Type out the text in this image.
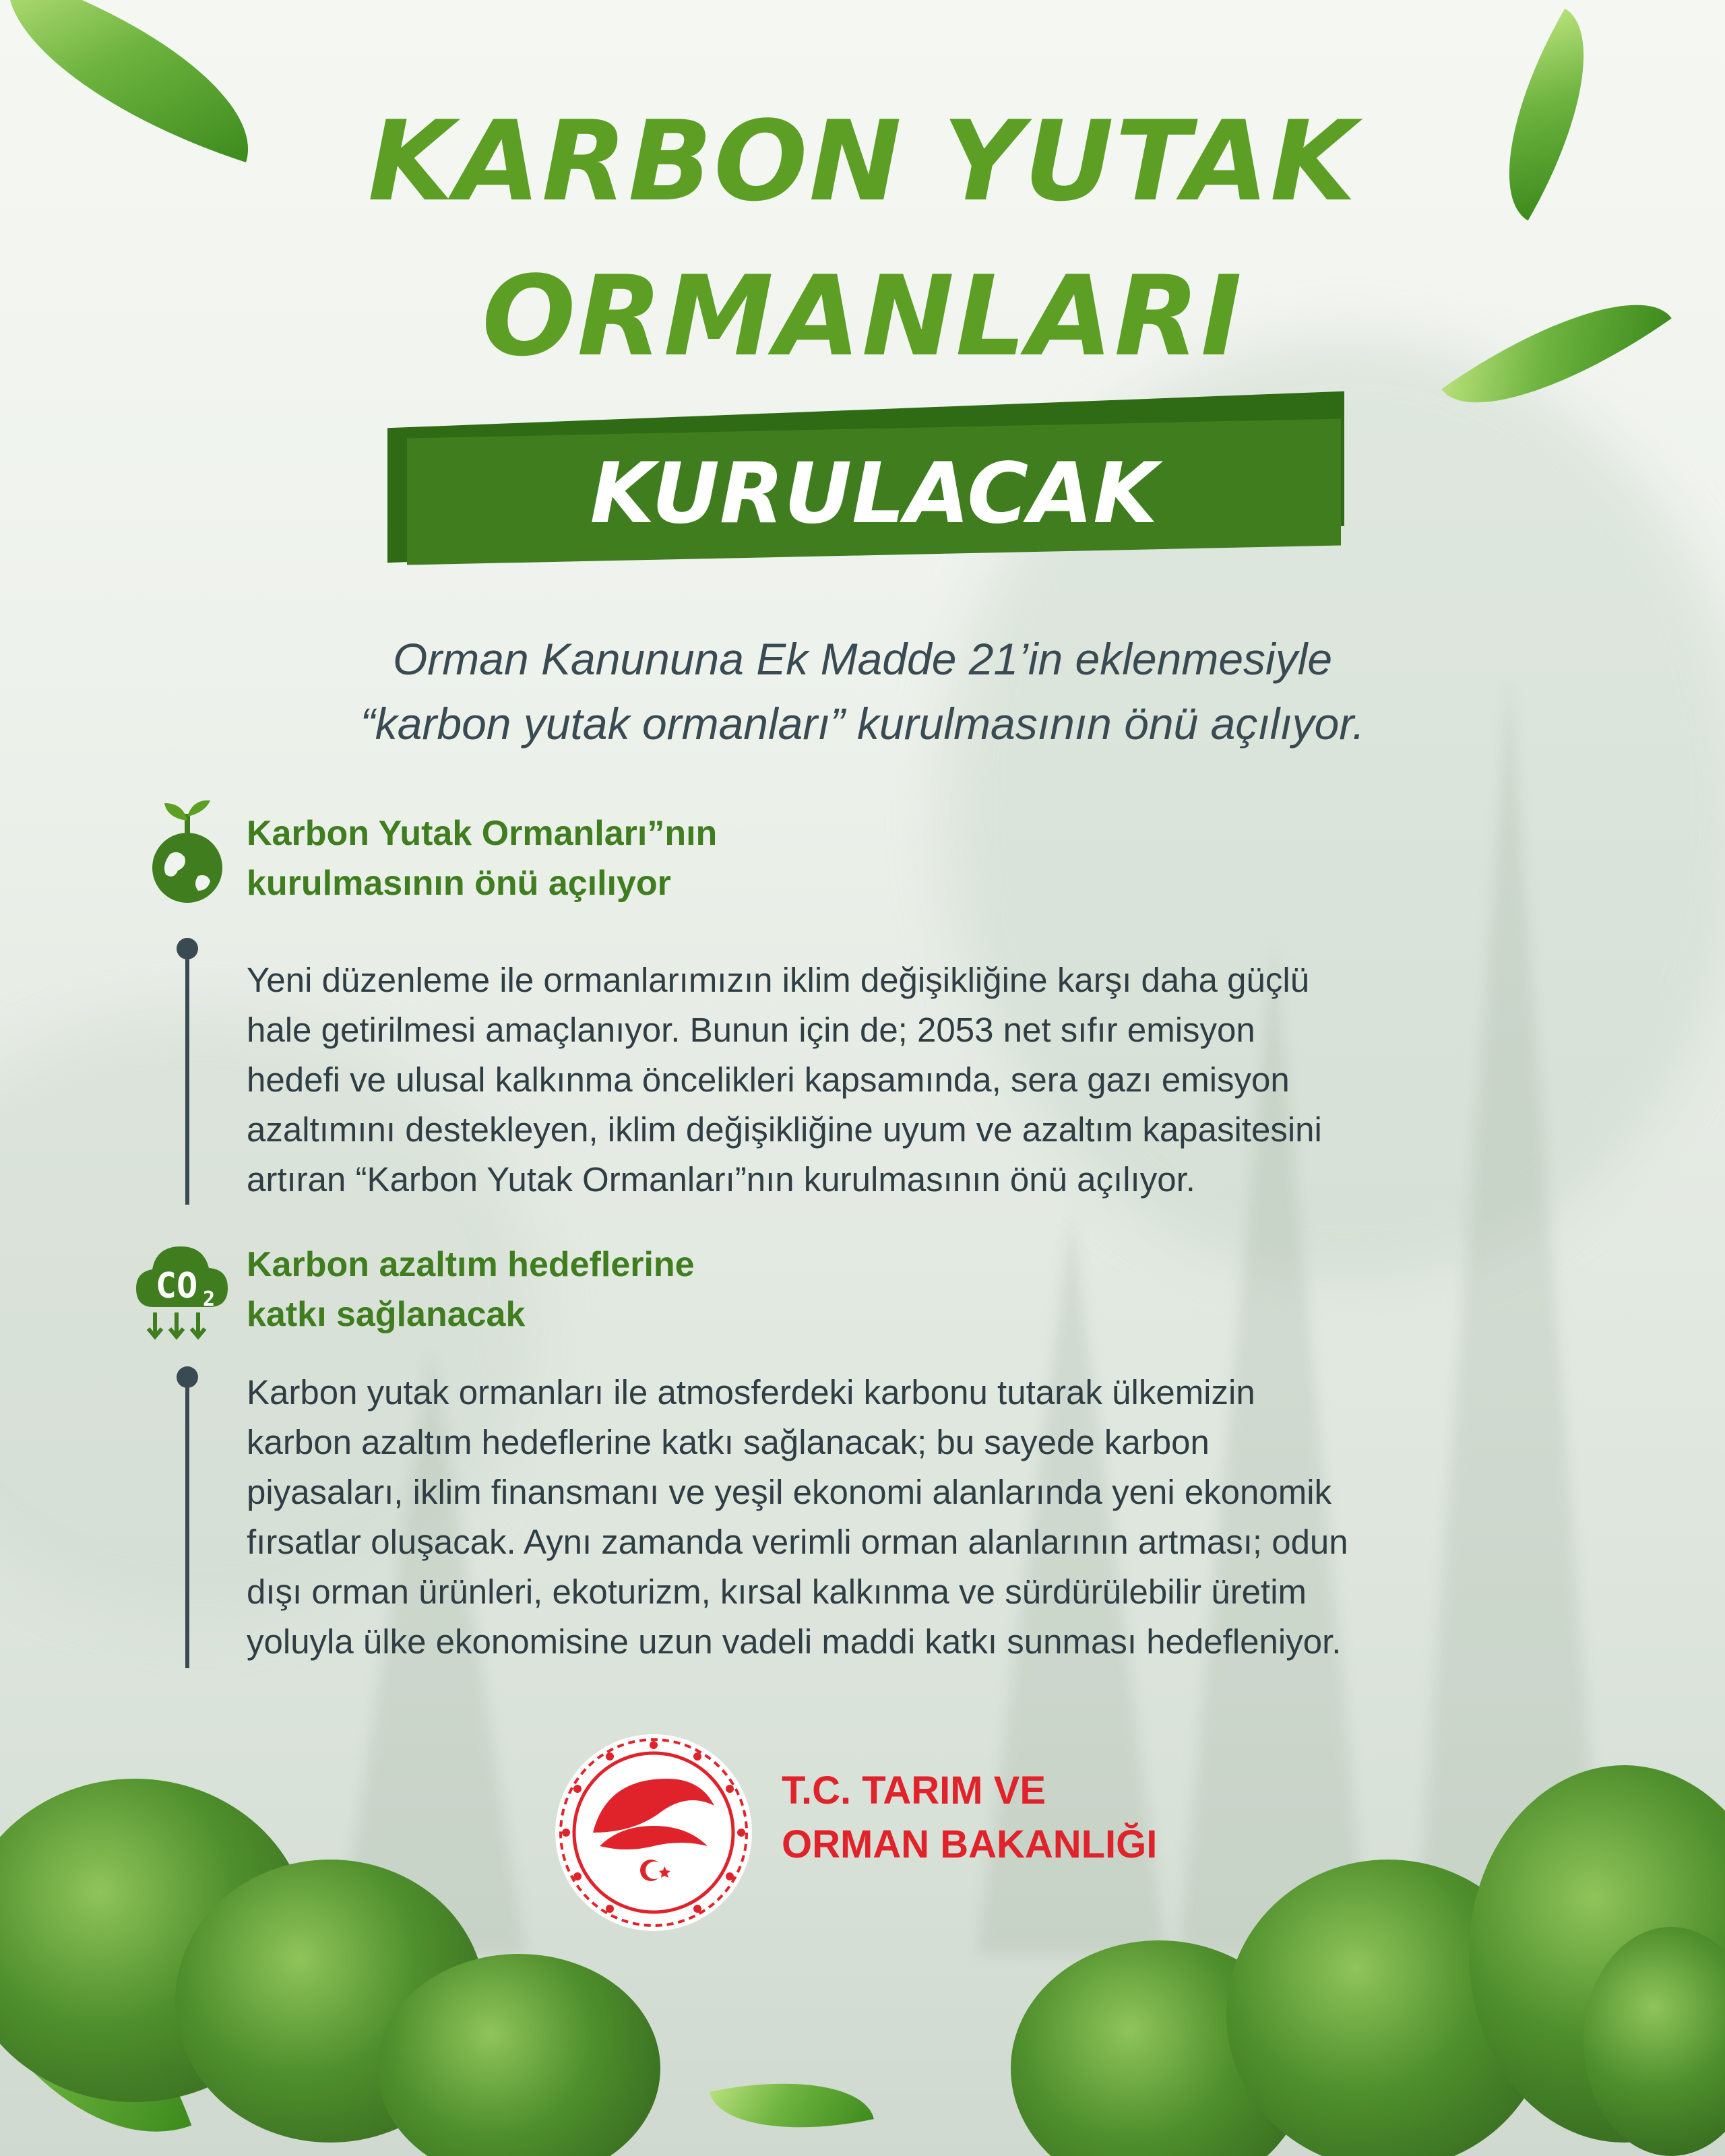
KARBON YUTAK
ORMANLARI

KURULACAK

Orman Kanununa Ek Madde 21’in eklenmesiyle
“karbon yutak ormanları” kurulmasının önü açılıyor.

Karbon Yutak Ormanları”nın
kurulmasının önü açılıyor

Yeni düzenleme ile ormanlarımızın iklim değişikliğine karşı daha güçlü
hale getirilmesi amaçlanıyor. Bunun için de; 2053 net sıfır emisyon
hedefi ve ulusal kalkınma öncelikleri kapsamında, sera gazı emisyon
azaltımını destekleyen, iklim değişikliğine uyum ve azaltım kapasitesini
artıran “Karbon Yutak Ormanları”nın kurulmasının önü açılıyor.

CO 2

Karbon azaltım hedeflerine
katkı sağlanacak

Karbon yutak ormanları ile atmosferdeki karbonu tutarak ülkemizin
karbon azaltım hedeflerine katkı sağlanacak; bu sayede karbon
piyasaları, iklim finansmanı ve yeşil ekonomi alanlarında yeni ekonomik
fırsatlar oluşacak. Aynı zamanda verimli orman alanlarının artması; odun
dışı orman ürünleri, ekoturizm, kırsal kalkınma ve sürdürülebilir üretim
yoluyla ülke ekonomisine uzun vadeli maddi katkı sunması hedefleniyor.

T.C. TARIM VE
ORMAN BAKANLIĞI
